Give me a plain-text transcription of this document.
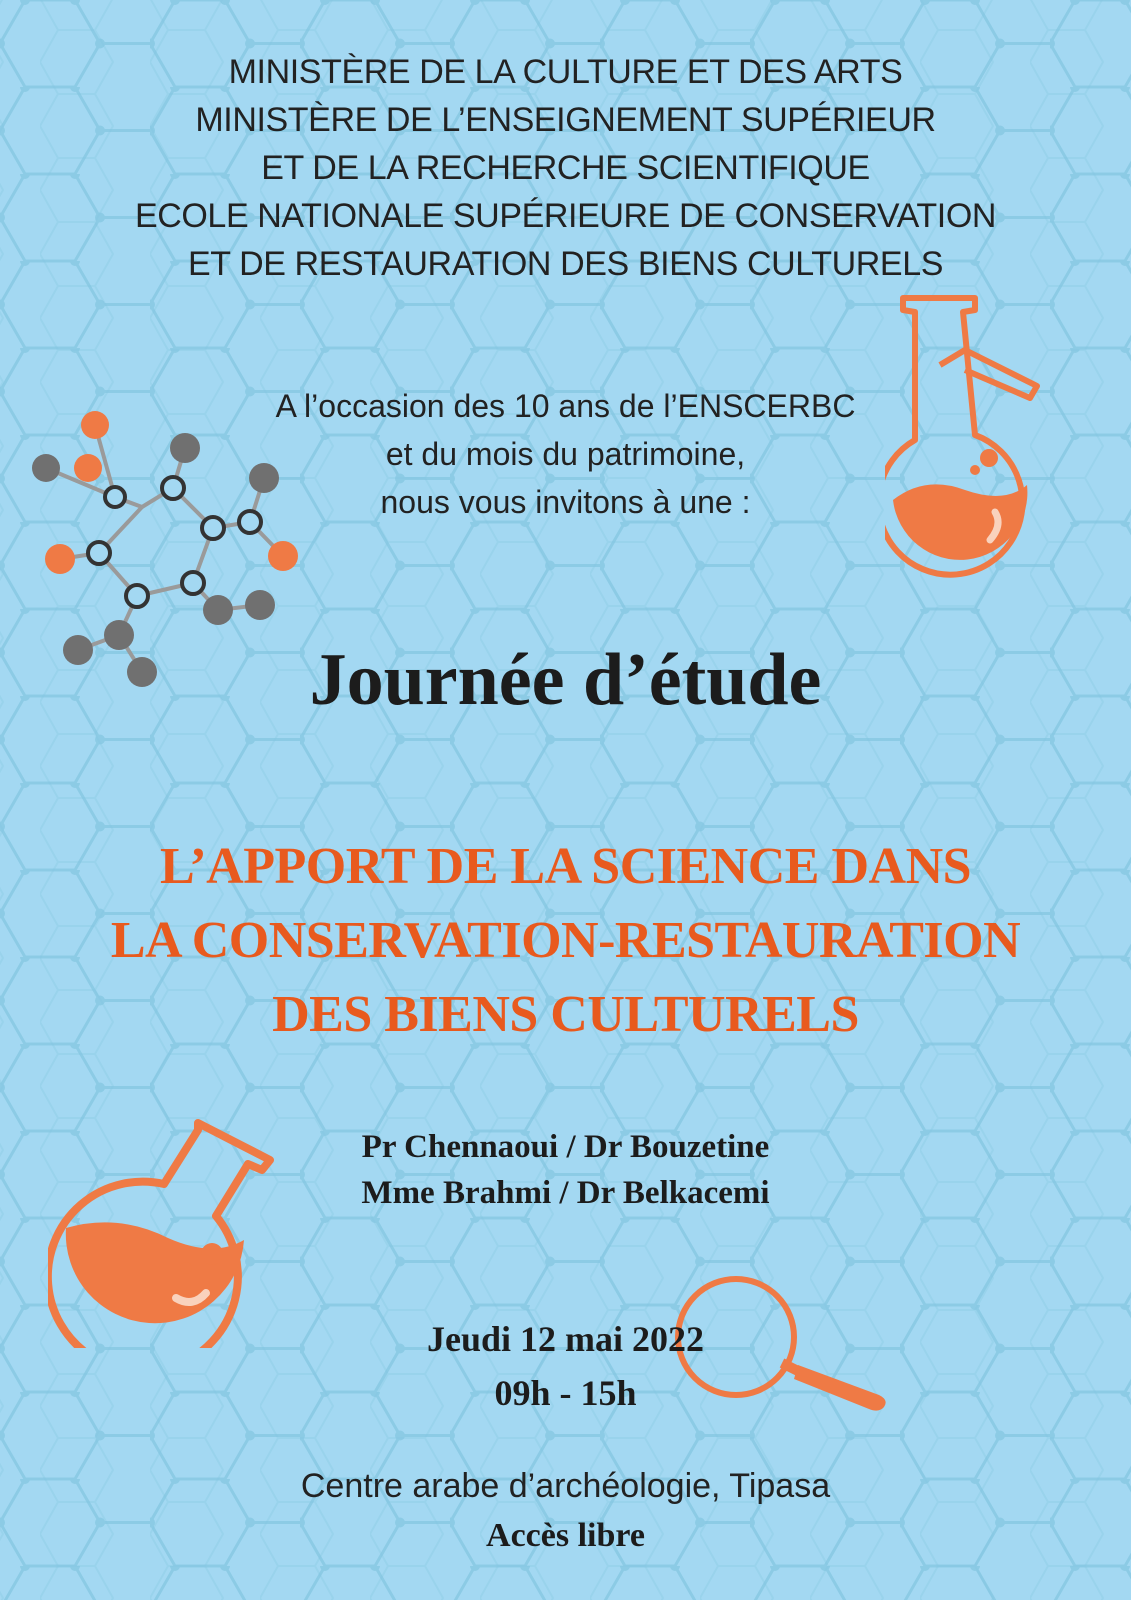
MINISTÈRE DE LA CULTURE ET DES ARTS
MINISTÈRE DE L’ENSEIGNEMENT SUPÉRIEUR
ET DE LA RECHERCHE SCIENTIFIQUE
ECOLE NATIONALE SUPÉRIEURE DE CONSERVATION
ET DE RESTAURATION DES BIENS CULTURELS
A l’occasion des 10 ans de l’ENSCERBC
et du mois du patrimoine,
nous vous invitons à une :
Journée d’étude
L’APPORT DE LA SCIENCE DANS
LA CONSERVATION-RESTAURATION
DES BIENS CULTURELS
Pr Chennaoui / Dr Bouzetine
Mme Brahmi / Dr Belkacemi
Jeudi 12 mai 2022
09h - 15h
Centre arabe d’archéologie, Tipasa
Accès libre
